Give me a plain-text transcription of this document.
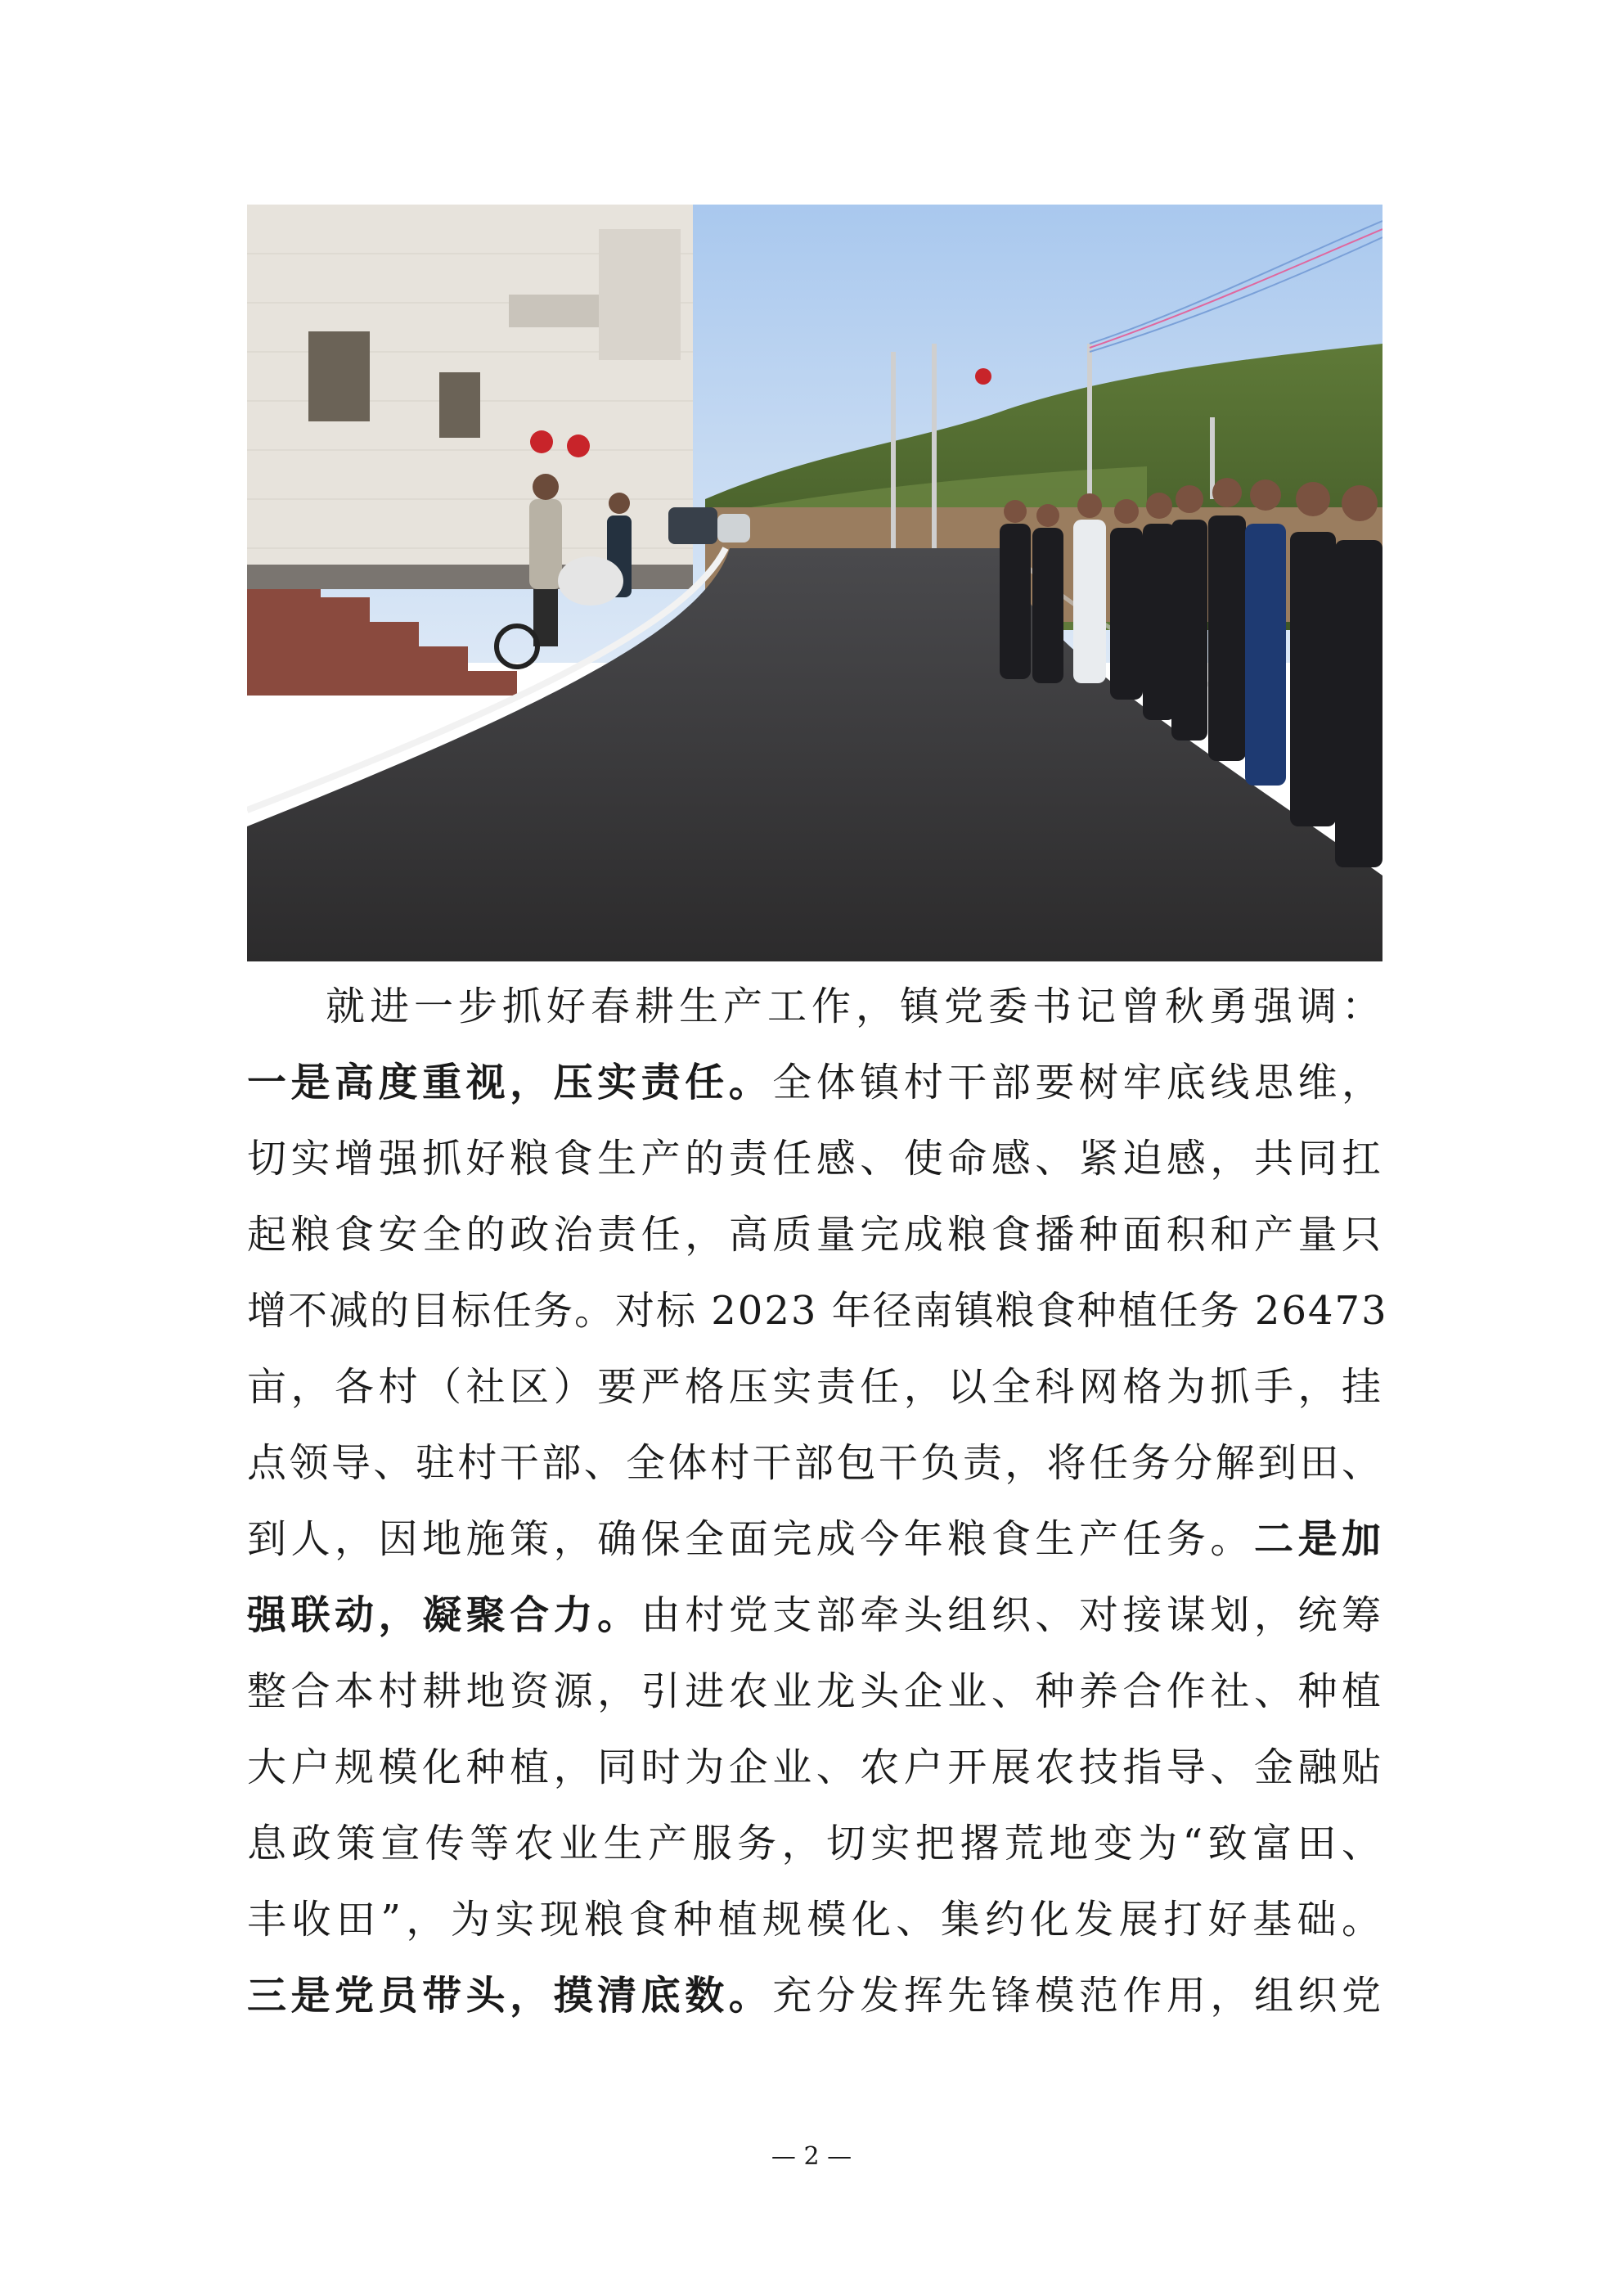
就进一步抓好春耕生产工作，镇党委书记曾秋勇强调：
一是高度重视，压实责任。全体镇村干部要树牢底线思维，
切实增强抓好粮食生产的责任感、使命感、紧迫感，共同扛
起粮食安全的政治责任，高质量完成粮食播种面积和产量只
增不减的目标任务。对标 2023 年径南镇粮食种植任务 26473
亩，各村（社区）要严格压实责任，以全科网格为抓手，挂
点领导、驻村干部、全体村干部包干负责，将任务分解到田、
到人，因地施策，确保全面完成今年粮食生产任务。二是加
强联动，凝聚合力。由村党支部牵头组织、对接谋划，统筹
整合本村耕地资源，引进农业龙头企业、种养合作社、种植
大户规模化种植，同时为企业、农户开展农技指导、金融贴
息政策宣传等农业生产服务，切实把撂荒地变为“致富田、
丰收田”，为实现粮食种植规模化、集约化发展打好基础。
三是党员带头，摸清底数。充分发挥先锋模范作用，组织党
— 2 —
